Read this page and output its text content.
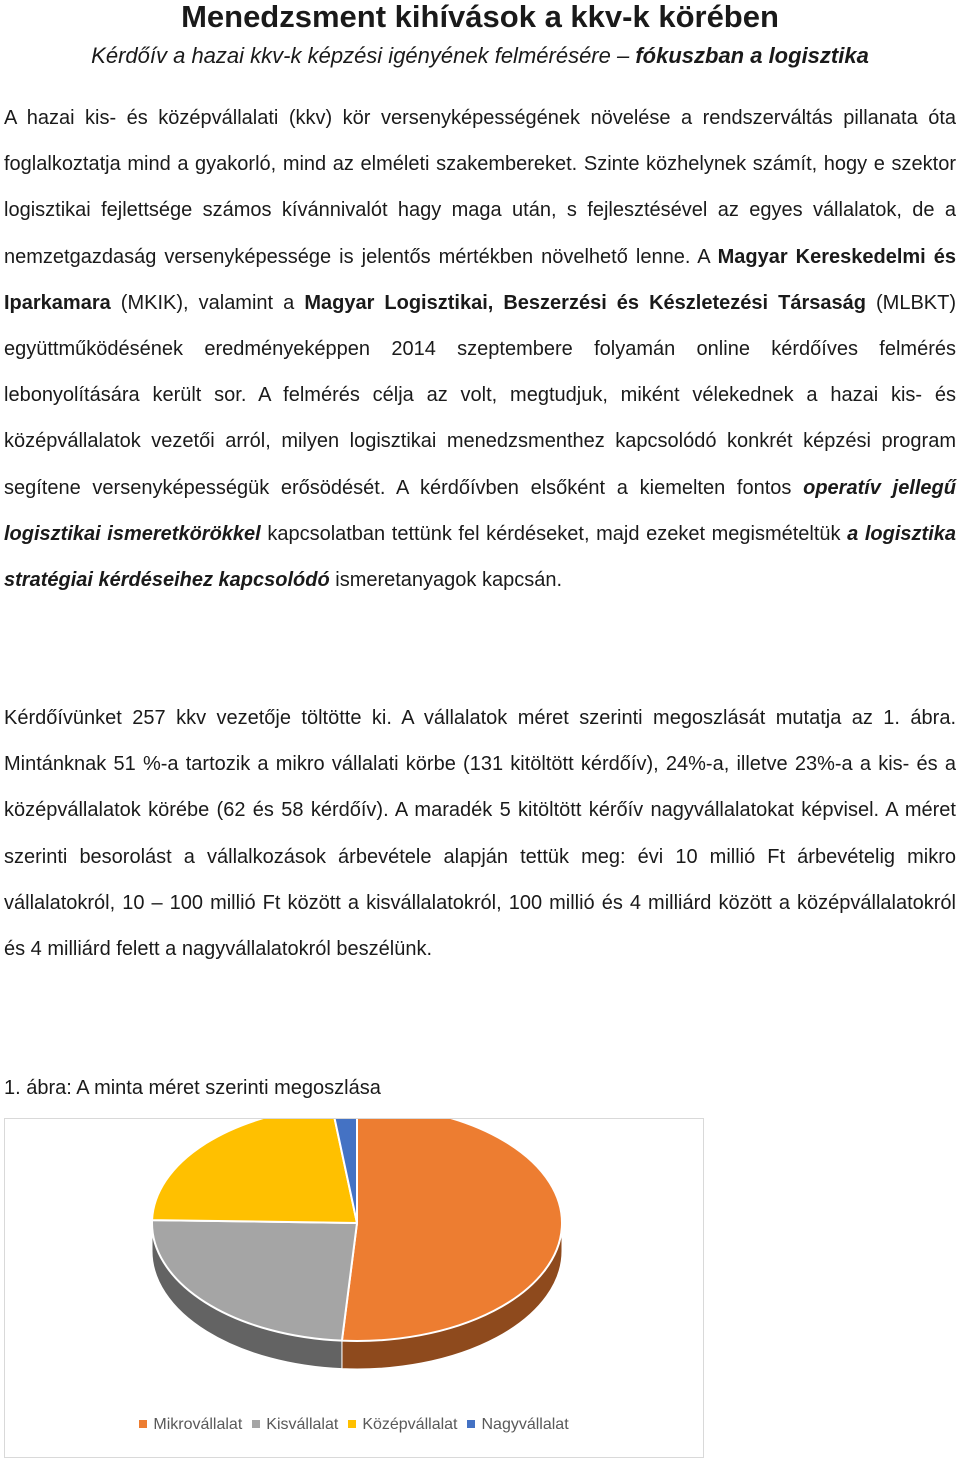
Menedzsment kihívások a kkv-k körében
Kérdőív a hazai kkv-k képzési igényének felmérésére – fókuszban a logisztika

A hazai kis- és középvállalati (kkv) kör versenyképességének növelése a rendszerváltás pillanata óta foglalkoztatja mind a gyakorló, mind az elméleti szakembereket. Szinte közhelynek számít, hogy e szektor logisztikai fejlettsége számos kívánnivalót hagy maga után, s fejlesztésével az egyes vállalatok, de a nemzetgazdaság versenyképessége is jelentős mértékben növelhető lenne. A Magyar Kereskedelmi és Iparkamara (MKIK), valamint a Magyar Logisztikai, Beszerzési és Készletezési Társaság (MLBKT) együttműködésének eredményeképpen 2014 szeptembere folyamán online kérdőíves felmérés lebonyolítására került sor. A felmérés célja az volt, megtudjuk, miként vélekednek a hazai kis- és középvállalatok vezetői arról, milyen logisztikai menedzsmenthez kapcsolódó konkrét képzési program segítene versenyképességük erősödését. A kérdőívben elsőként a kiemelten fontos operatív jellegű logisztikai ismeretkörökkel kapcsolatban tettünk fel kérdéseket, majd ezeket megismételtük a logisztika stratégiai kérdéseihez kapcsolódó ismeretanyagok kapcsán.

Kérdőívünket 257 kkv vezetője töltötte ki. A vállalatok méret szerinti megoszlását mutatja az 1. ábra. Mintánknak 51 %-a tartozik a mikro vállalati körbe (131 kitöltött kérdőív), 24%-a, illetve 23%-a a kis- és a középvállalatok körébe (62 és 58 kérdőív). A maradék 5 kitöltött kérőív nagyvállalatokat képvisel. A méret szerinti besorolást a vállalkozások árbevétele alapján tettük meg: évi 10 millió Ft árbevételig mikro vállalatokról, 10 – 100 millió Ft között a kisvállalatokról, 100 millió és 4 milliárd között a középvállalatokról és 4 milliárd felett a nagyvállalatokról beszélünk.

1. ábra: A minta méret szerinti megoszlása
Mikrovállalat Kisvállalat Középvállalat Nagyvállalat
